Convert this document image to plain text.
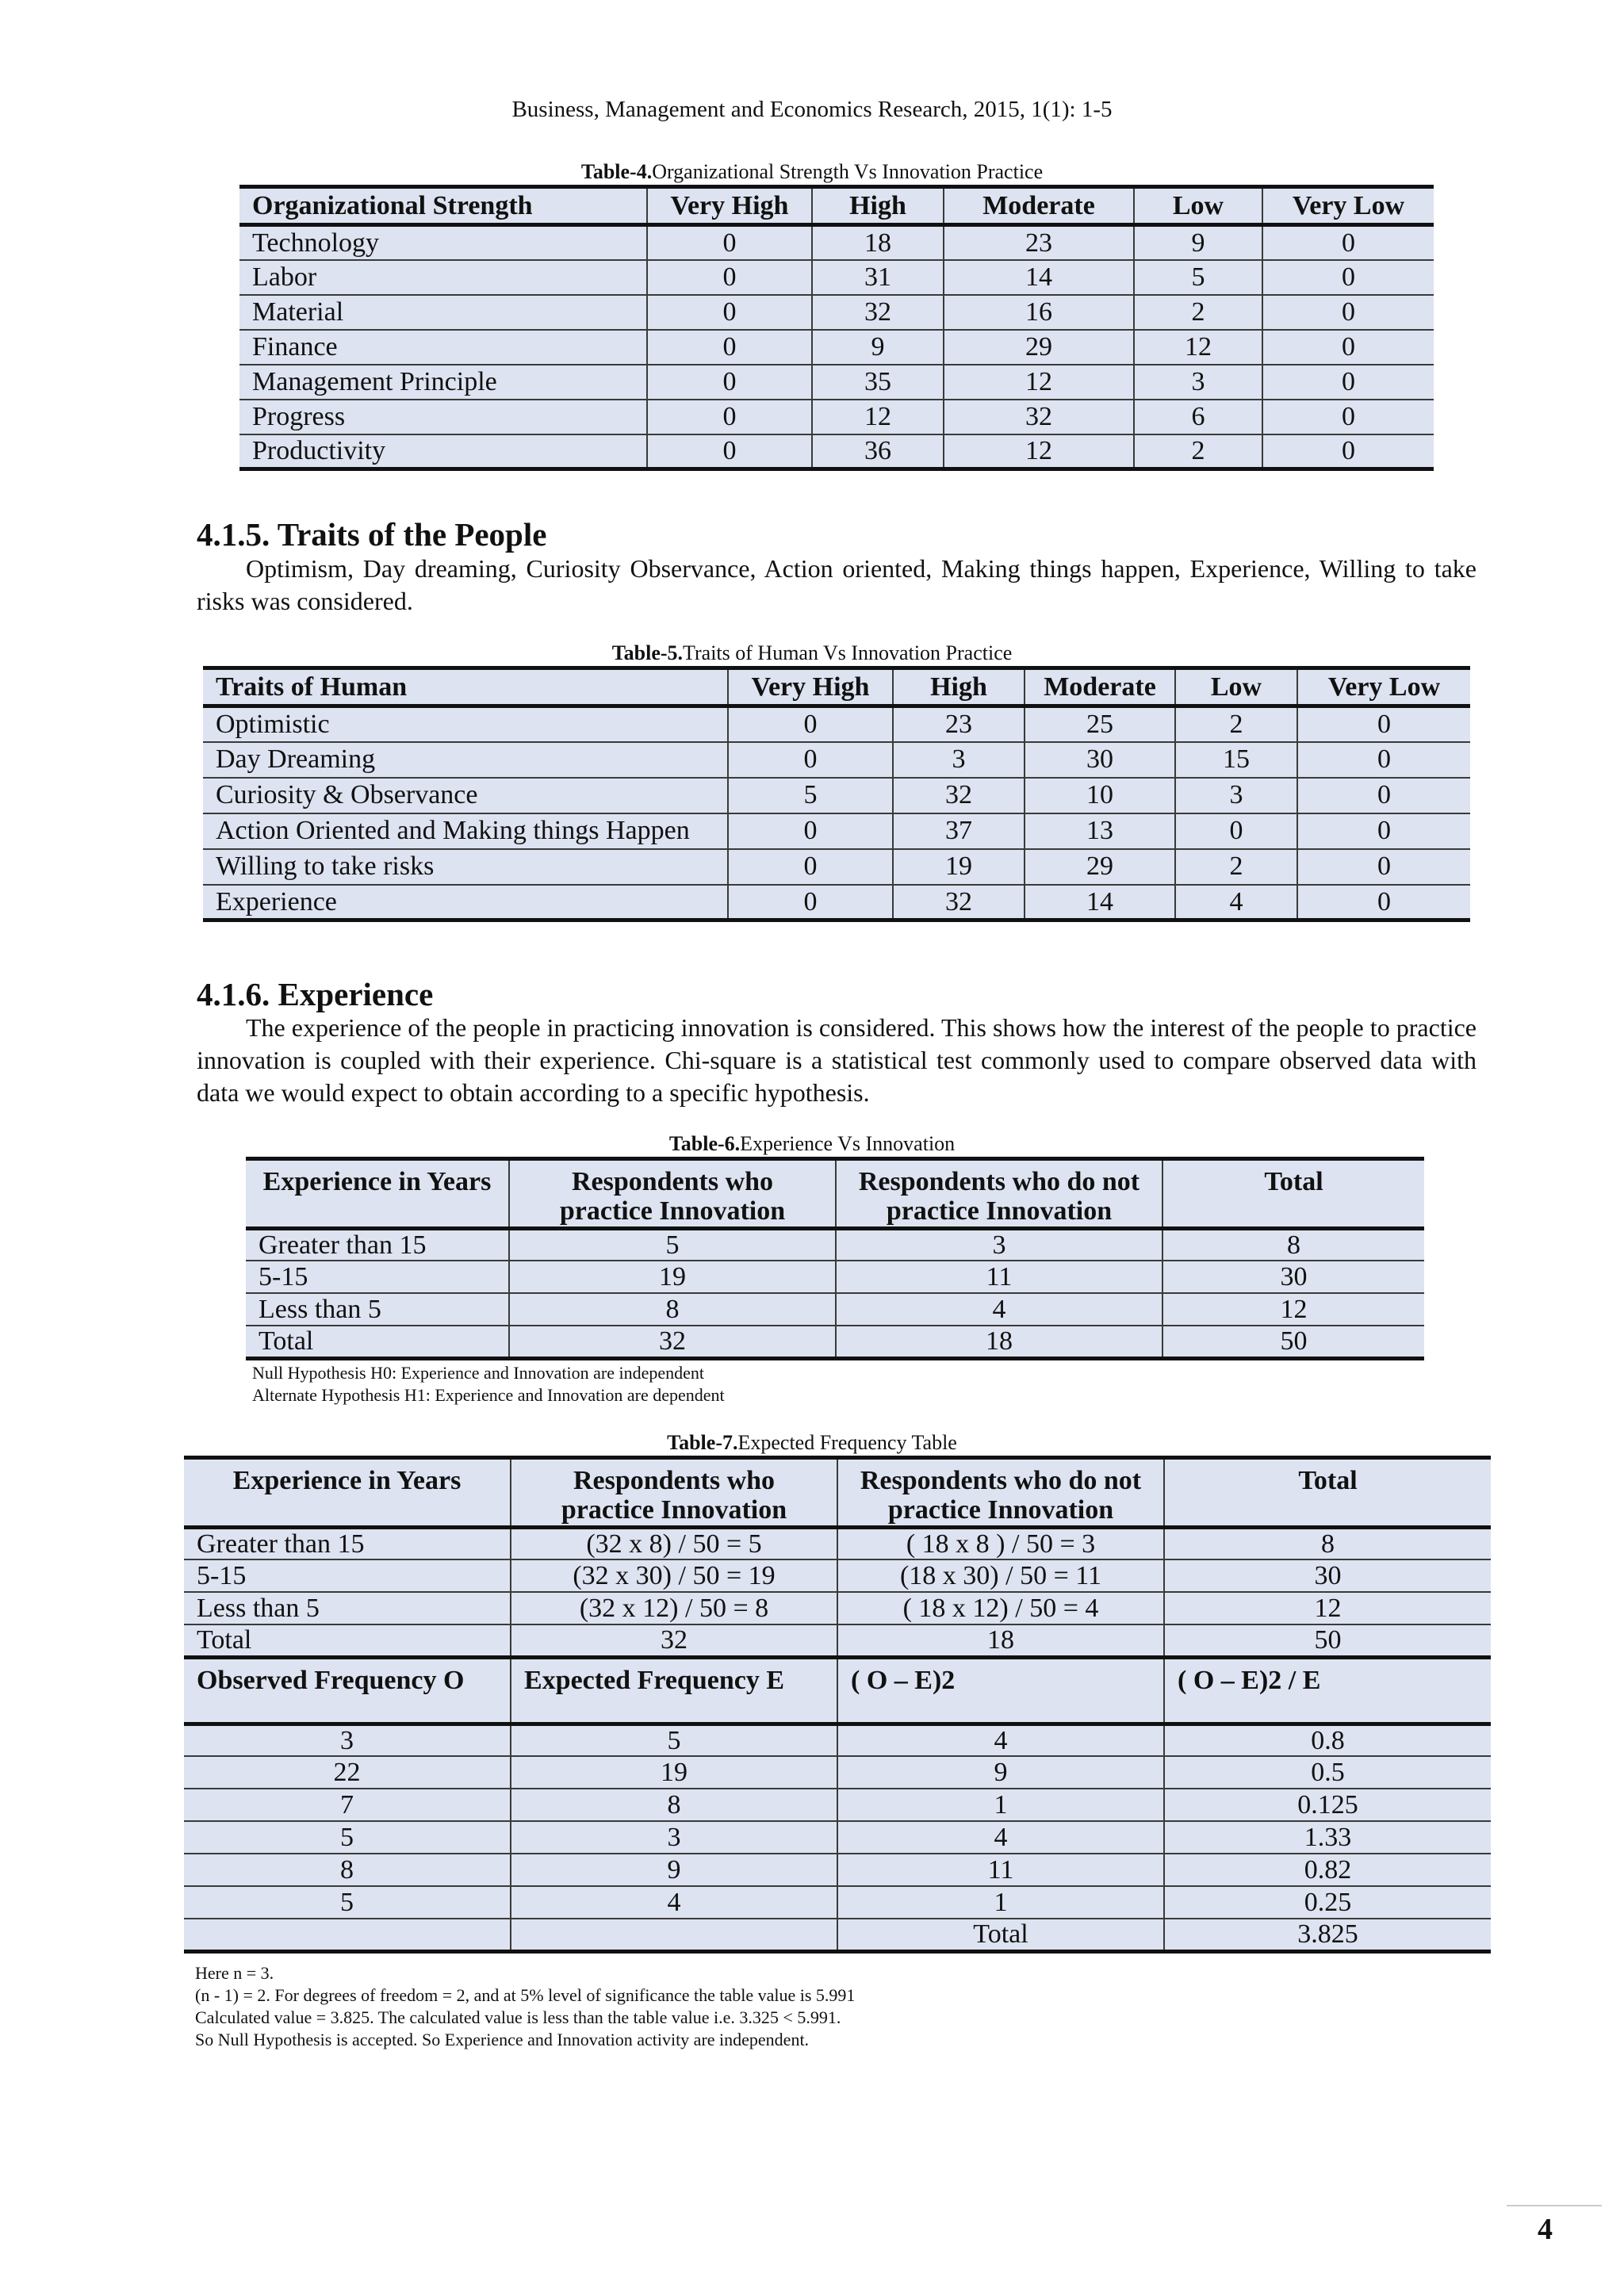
Business, Management and Economics Research, 2015, 1(1): 1-5
Table-4.Organizational Strength Vs Innovation Practice
Organizational Strength	Very High	High	Moderate	Low	Very Low
Technology	0	18	23	9	0
Labor	0	31	14	5	0
Material	0	32	16	2	0
Finance	0	9	29	12	0
Management Principle	0	35	12	3	0
Progress	0	12	32	6	0
Productivity	0	36	12	2	0
4.1.5. Traits of the People
Optimism, Day dreaming, Curiosity Observance, Action oriented, Making things happen, Experience, Willing to take risks was considered.
Table-5.Traits of Human Vs Innovation Practice
Traits of Human	Very High	High	Moderate	Low	Very Low
Optimistic	0	23	25	2	0
Day Dreaming	0	3	30	15	0
Curiosity & Observance	5	32	10	3	0
Action Oriented and Making things Happen	0	37	13	0	0
Willing to take risks	0	19	29	2	0
Experience	0	32	14	4	0
4.1.6. Experience
The experience of the people in practicing innovation is considered. This shows how the interest of the people to practice innovation is coupled with their experience. Chi-square is a statistical test commonly used to compare observed data with data we would expect to obtain according to a specific hypothesis.
Table-6.Experience Vs Innovation
Experience in Years	Respondents who practice Innovation	Respondents who do not practice Innovation	Total
Greater than 15	5	3	8
5-15	19	11	30
Less than 5	8	4	12
Total	32	18	50
Null Hypothesis H0: Experience and Innovation are independent
Alternate Hypothesis H1: Experience and Innovation are dependent
Table-7.Expected Frequency Table
Experience in Years	Respondents who practice Innovation	Respondents who do not practice Innovation	Total
Greater than 15	(32 x 8) / 50 = 5	( 18 x 8 ) / 50 = 3	8
5-15	(32 x 30) / 50 = 19	(18 x 30) / 50 = 11	30
Less than 5	(32 x 12) / 50 = 8	( 18 x 12) / 50 = 4	12
Total	32	18	50
Observed Frequency O	Expected Frequency E	( O – E)2	( O – E)2 / E
3	5	4	0.8
22	19	9	0.5
7	8	1	0.125
5	3	4	1.33
8	9	11	0.82
5	4	1	0.25
		Total	3.825
Here n = 3.
(n - 1) = 2. For degrees of freedom = 2, and at 5% level of significance the table value is 5.991
Calculated value = 3.825. The calculated value is less than the table value i.e. 3.325 < 5.991.
So Null Hypothesis is accepted. So Experience and Innovation activity are independent.
4
